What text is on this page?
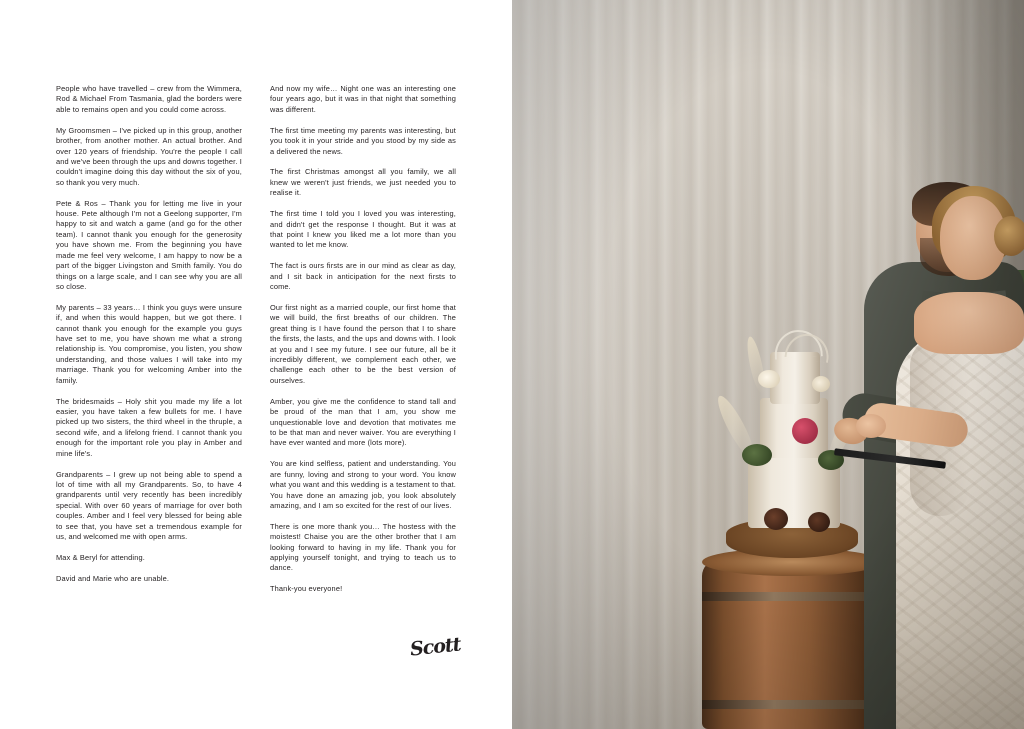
People who have travelled – crew from the Wimmera, Rod & Michael From Tasmania, glad the borders were able to remains open and you could come across.

My Groomsmen – I've picked up in this group, another brother, from another mother. An actual brother. And over 120 years of friendship. You're the people I call and we've been through the ups and downs together. I couldn't imagine doing this day without the six of you, so thank you very much.

Pete & Ros – Thank you for letting me live in your house. Pete although I'm not a Geelong supporter, I'm happy to sit and watch a game (and go for the other team). I cannot thank you enough for the generosity you have shown me. From the beginning you have made me feel very welcome, I am happy to now be a part of the bigger Livingston and Smith family. You do things on a large scale, and I can see why you are all so close.

My parents – 33 years… I think you guys were unsure if, and when this would happen, but we got there. I cannot thank you enough for the example you guys have set to me, you have shown me what a strong relationship is. You compromise, you listen, you show understanding, and those values I will take into my marriage. Thank you for welcoming Amber into the family.

The bridesmaids – Holy shit you made my life a lot easier, you have taken a few bullets for me. I have picked up two sisters, the third wheel in the thruple, a second wife, and a lifelong friend. I cannot thank you enough for the important role you play in Amber and mine life's.

Grandparents – I grew up not being able to spend a lot of time with all my Grandparents. So, to have 4 grandparents until very recently has been incredibly special. With over 60 years of marriage for over both couples. Amber and I feel very blessed for being able to see that, you have set a tremendous example for us, and welcomed me with open arms.

Max & Beryl for attending.

David and Marie who are unable.

And now my wife… Night one was an interesting one four years ago, but it was in that night that something was different.

The first time meeting my parents was interesting, but you took it in your stride and you stood by my side as a delivered the news.

The first Christmas amongst all you family, we all knew we weren't just friends, we just needed you to realise it.

The first time I told you I loved you was interesting, and didn't get the response I thought. But it was at that point I knew you liked me a lot more than you wanted to let me know.

The fact is ours firsts are in our mind as clear as day, and I sit back in anticipation for the next firsts to come.

Our first night as a married couple, our first home that we will build, the first breaths of our children. The great thing is I have found the person that I to share the firsts, the lasts, and the ups and downs with. I look at you and I see my future. I see our future, all be it incredibly different, we complement each other, we challenge each other to be the best version of ourselves.

Amber, you give me the confidence to stand tall and be proud of the man that I am, you show me unquestionable love and devotion that motivates me to be that man and never waiver. You are everything I have ever wanted and more (lots more).

You are kind selfless, patient and understanding. You are funny, loving and strong to your word. You know what you want and this wedding is a testament to that. You have done an amazing job, you look absolutely amazing, and I am so excited for the rest of our lives.

There is one more thank you… The hostess with the moistest! Chaise you are the other brother that I am looking forward to having in my life. Thank you for applying yourself tonight, and trying to teach us to dance.

Thank-you everyone!

Scott
